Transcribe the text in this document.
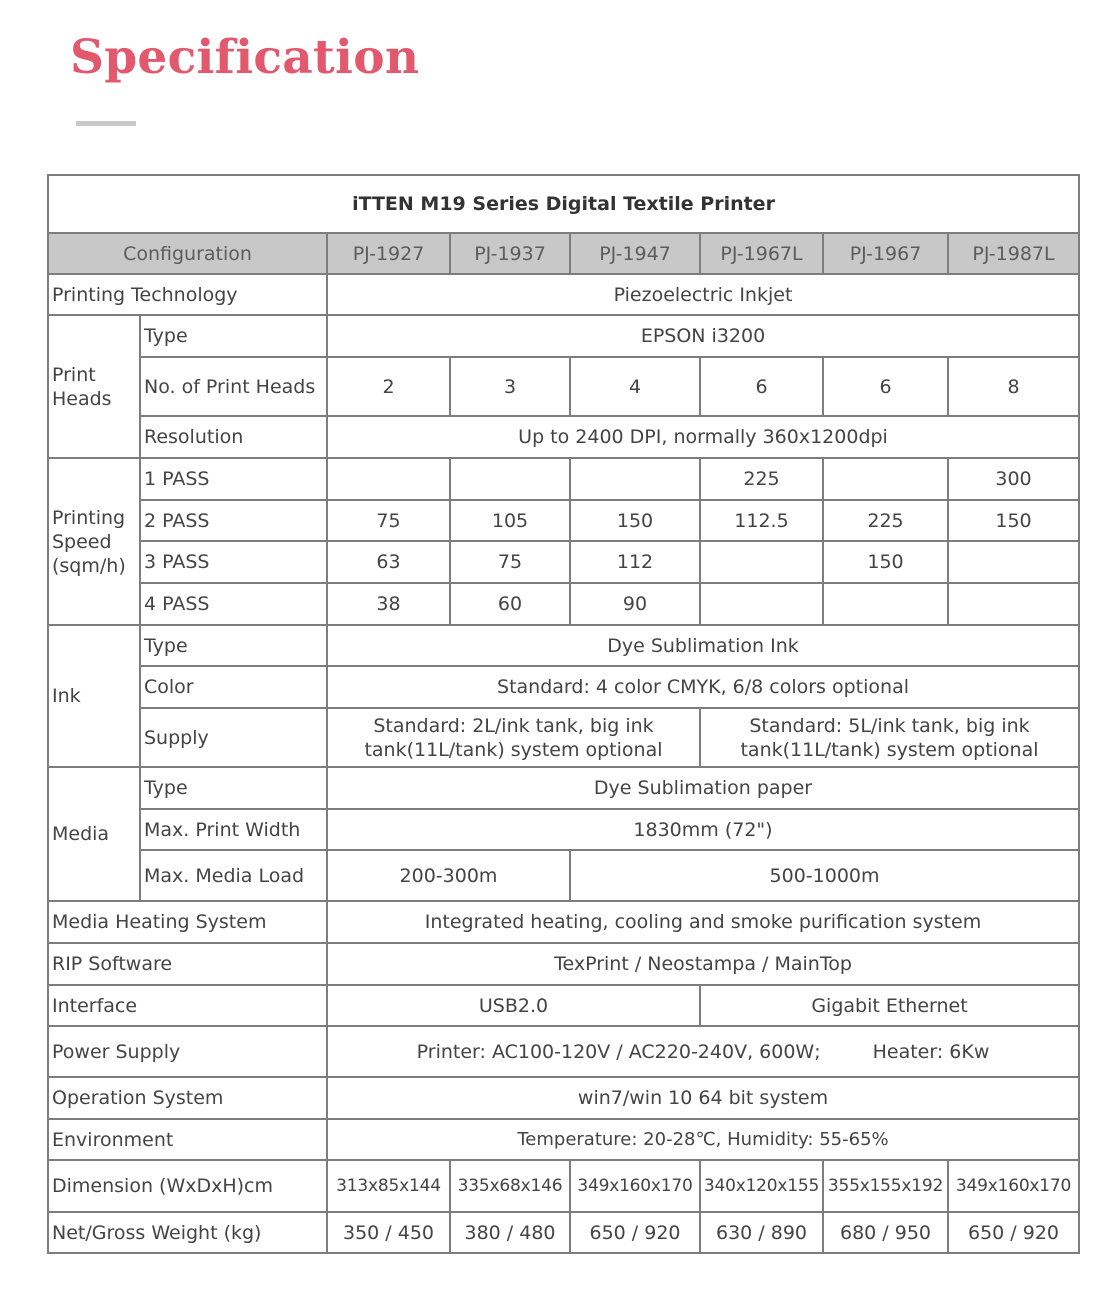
Specification
iTTEN M19 Series Digital Textile Printer							
Configuration		PJ-1927	PJ-1937	PJ-1947	PJ-1967L	PJ-1967	PJ-1987L
Printing Technology		Piezoelectric Inkjet					
Print Heads	Type	EPSON i3200					
	No. of Print Heads	2	3	4	6	6	8
	Resolution	Up to 2400 DPI, normally 360x1200dpi					
Printing Speed (sqm/h)	1 PASS				225		300
	2 PASS	75	105	150	112.5	225	150
	3 PASS	63	75	112		150	
	4 PASS	38	60	90			
Ink	Type	Dye Sublimation Ink					
	Color	Standard: 4 color CMYK, 6/8 colors optional					
	Supply	Standard: 2L/ink tank, big ink tank(11L/tank) system optional			Standard: 5L/ink tank, big ink tank(11L/tank) system optional		
Media	Type	Dye Sublimation paper					
	Max. Print Width	1830mm (72")					
	Max. Media Load	200-300m		500-1000m			
Media Heating System		Integrated heating, cooling and smoke purification system					
RIP Software		TexPrint / Neostampa / MainTop					
Interface		USB2.0			Gigabit Ethernet		
Power Supply		Printer: AC100-120V / AC220-240V, 600W; Heater: 6Kw					
Operation System		win7/win 10 64 bit system					
Environment		Temperature: 20-28℃, Humidity: 55-65%					
Dimension (WxDxH)cm		313x85x144	335x68x146	349x160x170	340x120x155	355x155x192	349x160x170
Net/Gross Weight (kg)		350 / 450	380 / 480	650 / 920	630 / 890	680 / 950	650 / 920
